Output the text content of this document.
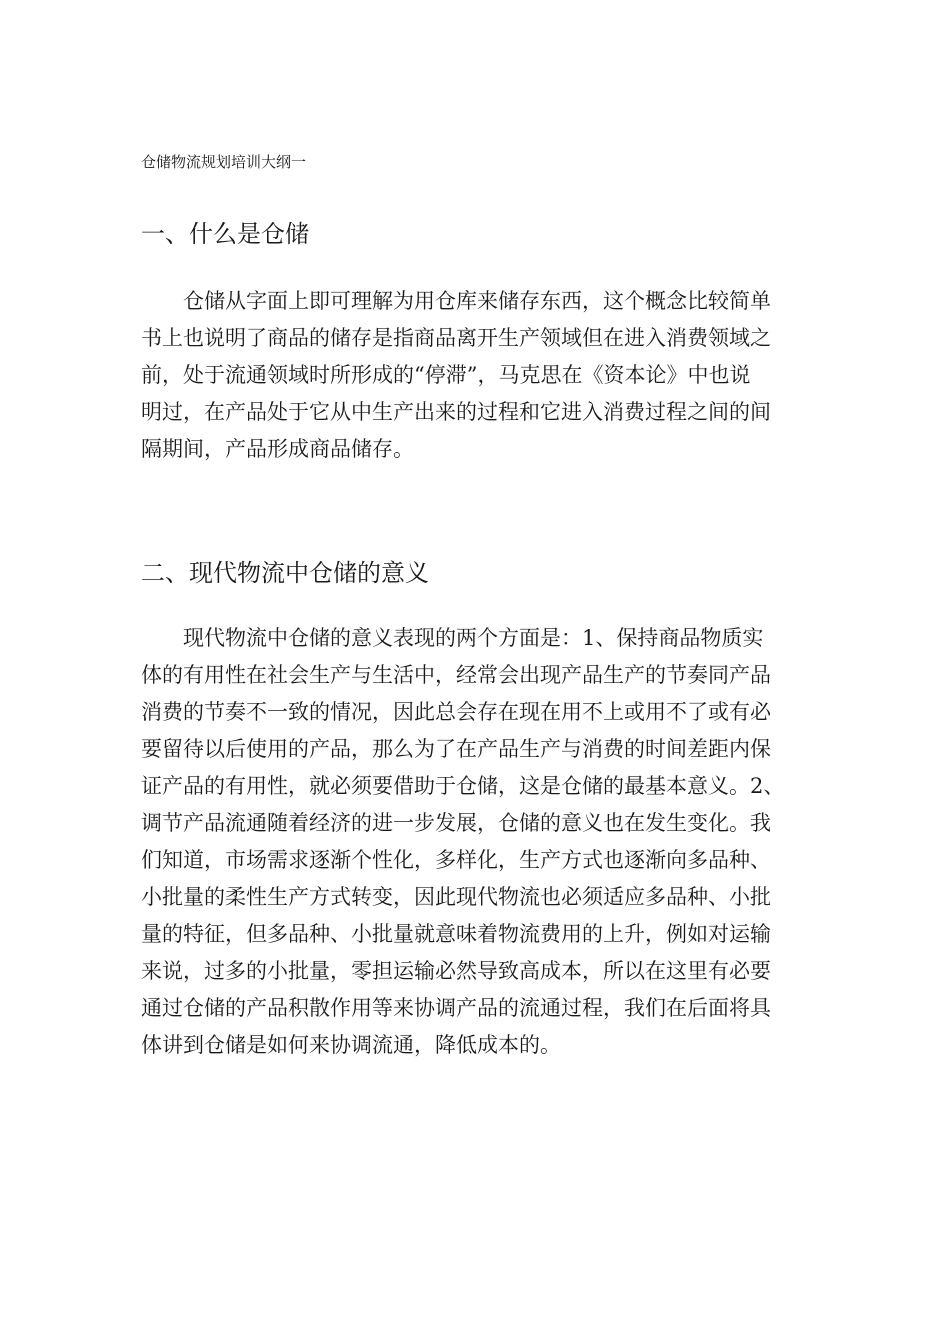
仓储物流规划培训大纲一
一、什么是仓储

仓储从字面上即可理解为用仓库来储存东西，这个概念比较简单
书上也说明了商品的储存是指商品离开生产领域但在进入消费领域之
前，处于流通领域时所形成的“停滞”，马克思在《资本论》中也说
明过，在产品处于它从中生产出来的过程和它进入消费过程之间的间
隔期间，产品形成商品储存。

二、现代物流中仓储的意义

现代物流中仓储的意义表现的两个方面是：1、保持商品物质实
体的有用性在社会生产与生活中，经常会出现产品生产的节奏同产品
消费的节奏不一致的情况，因此总会存在现在用不上或用不了或有必
要留待以后使用的产品，那么为了在产品生产与消费的时间差距内保
证产品的有用性，就必须要借助于仓储，这是仓储的最基本意义。2、
调节产品流通随着经济的进一步发展，仓储的意义也在发生变化。我
们知道，市场需求逐渐个性化，多样化，生产方式也逐渐向多品种、
小批量的柔性生产方式转变，因此现代物流也必须适应多品种、小批
量的特征，但多品种、小批量就意味着物流费用的上升，例如对运输
来说，过多的小批量，零担运输必然导致高成本，所以在这里有必要
通过仓储的产品积散作用等来协调产品的流通过程，我们在后面将具
体讲到仓储是如何来协调流通，降低成本的。
